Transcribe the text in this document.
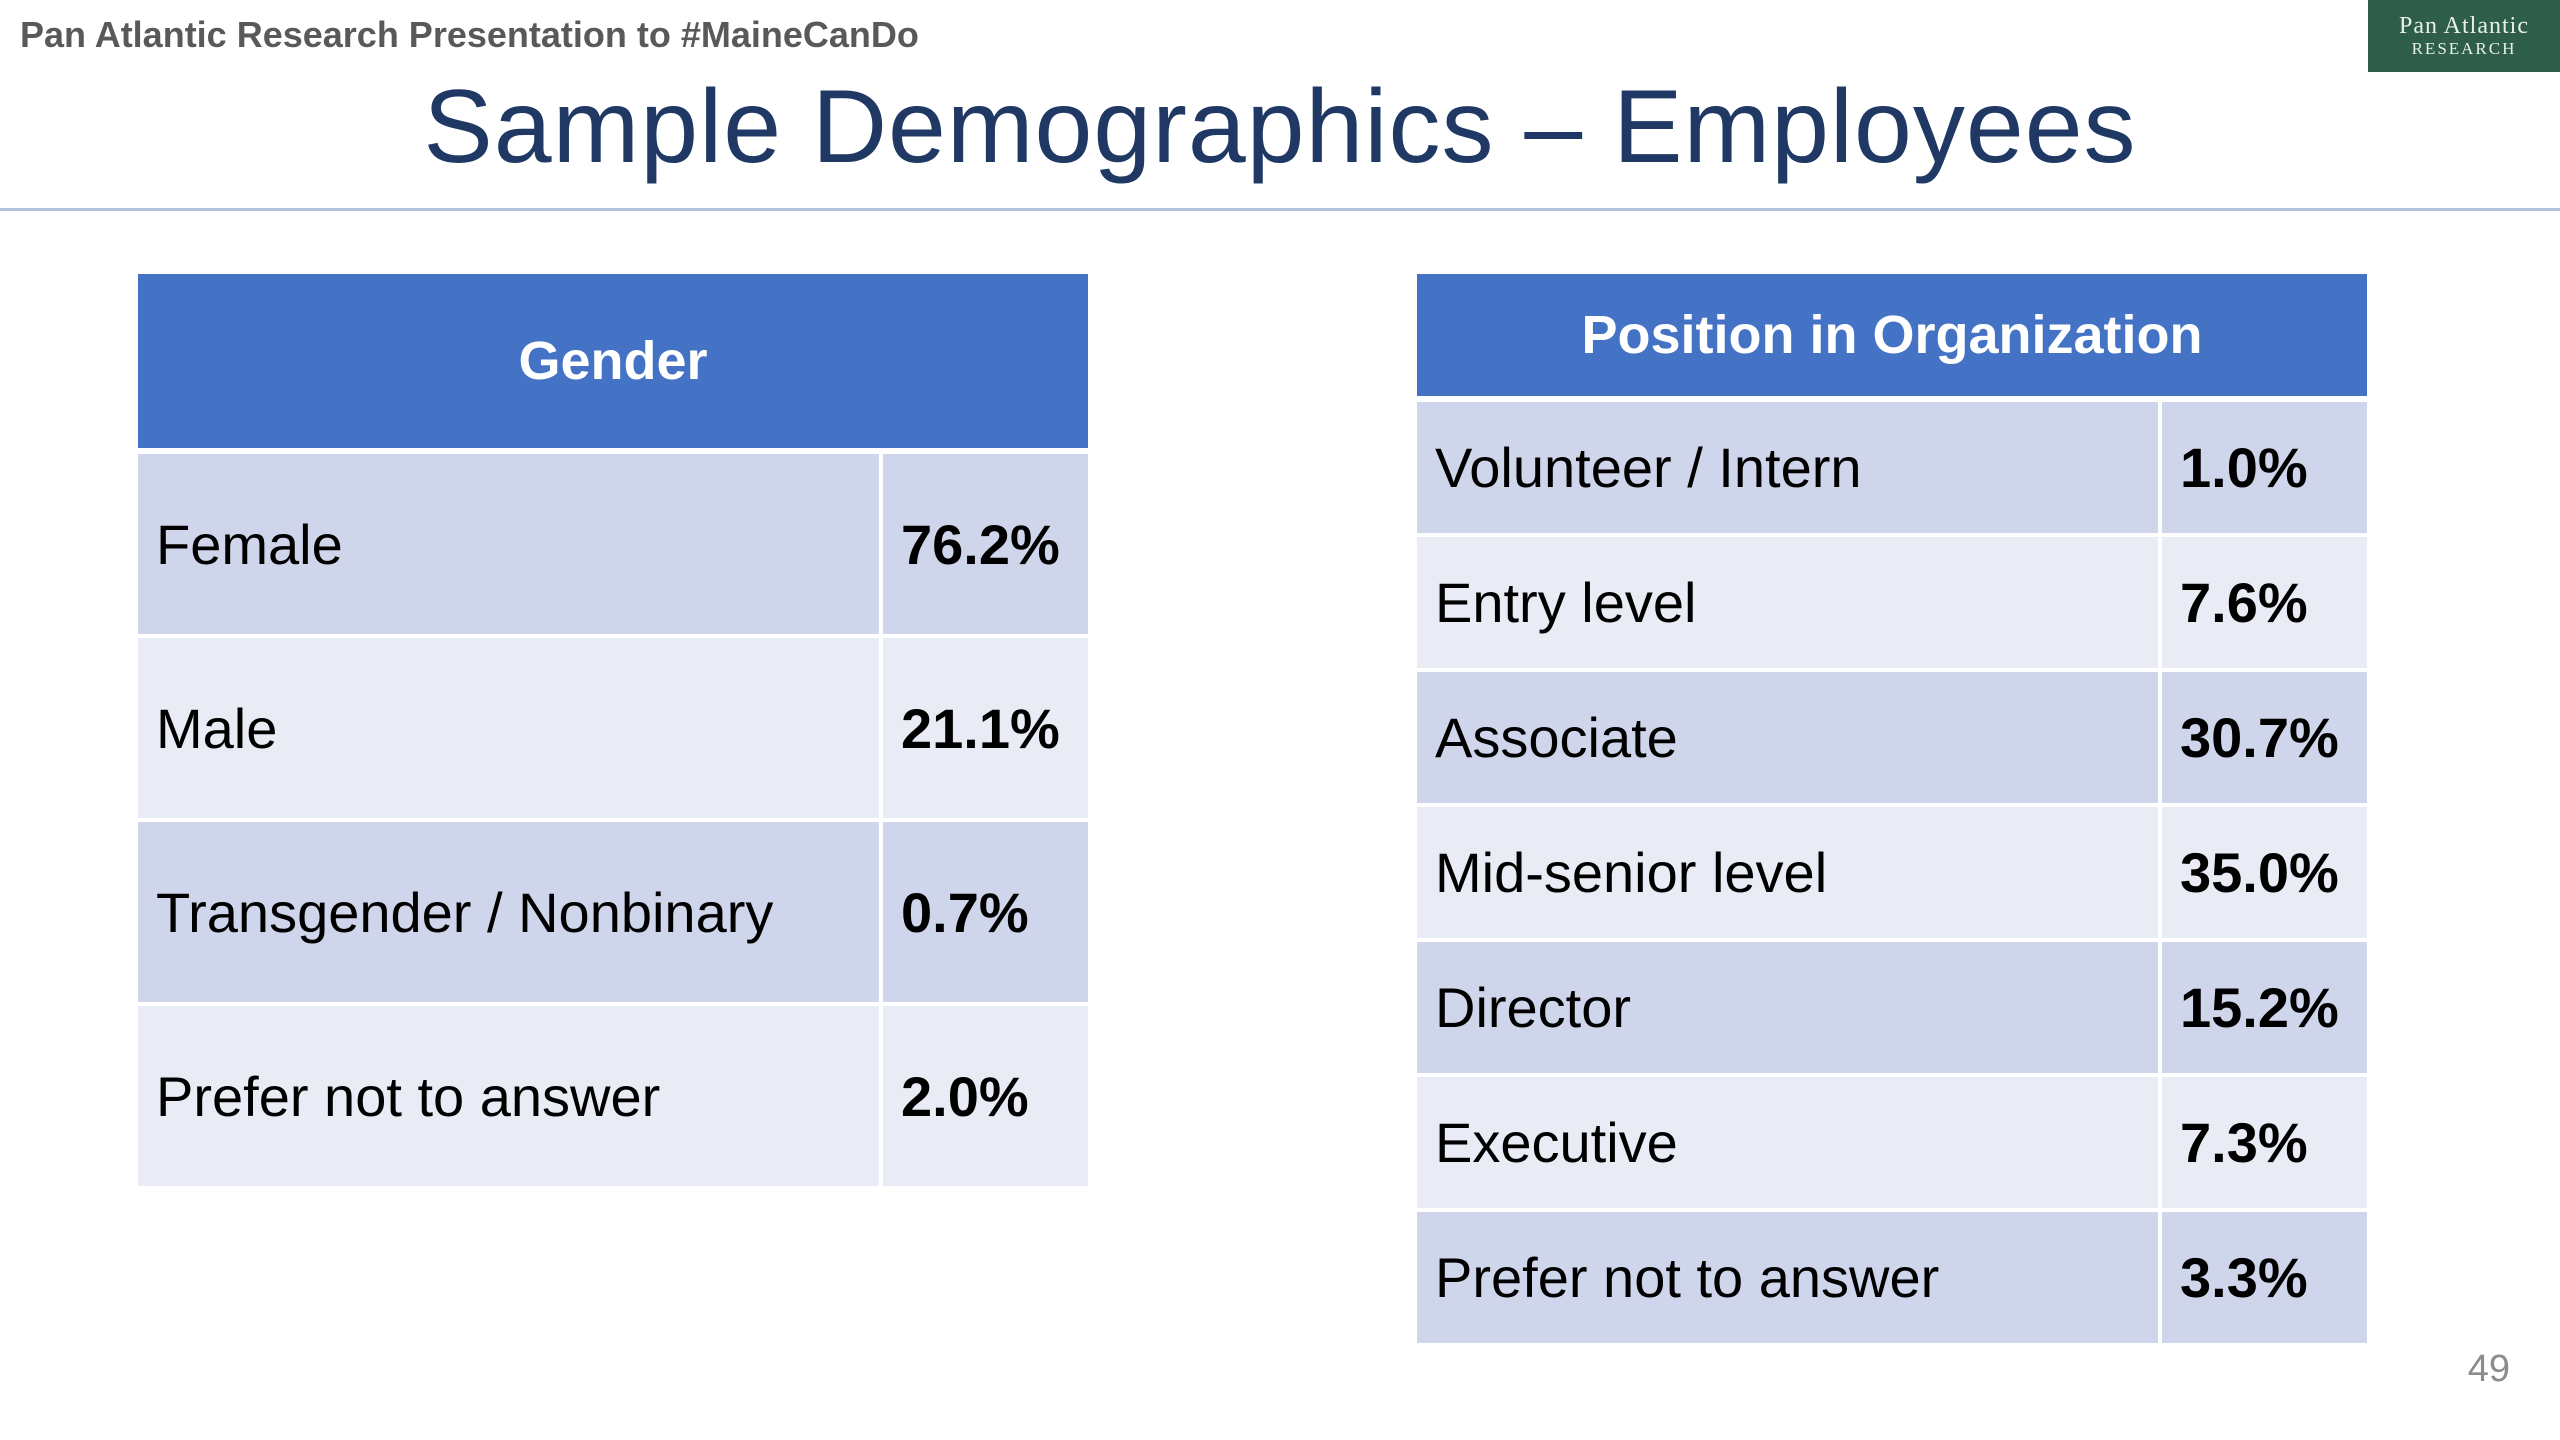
Pan Atlantic Research Presentation to #MaineCanDo	Pan Atlantic
RESEARCH
Sample Demographics – Employees
Gender	
Female	76.2%
Male	21.1%
Transgender / Nonbinary	0.7%
Prefer not to answer	2.0%
Position in Organization	
Volunteer / Intern	1.0%
Entry level	7.6%
Associate	30.7%
Mid-senior level	35.0%
Director	15.2%
Executive	7.3%
Prefer not to answer	3.3%
49
